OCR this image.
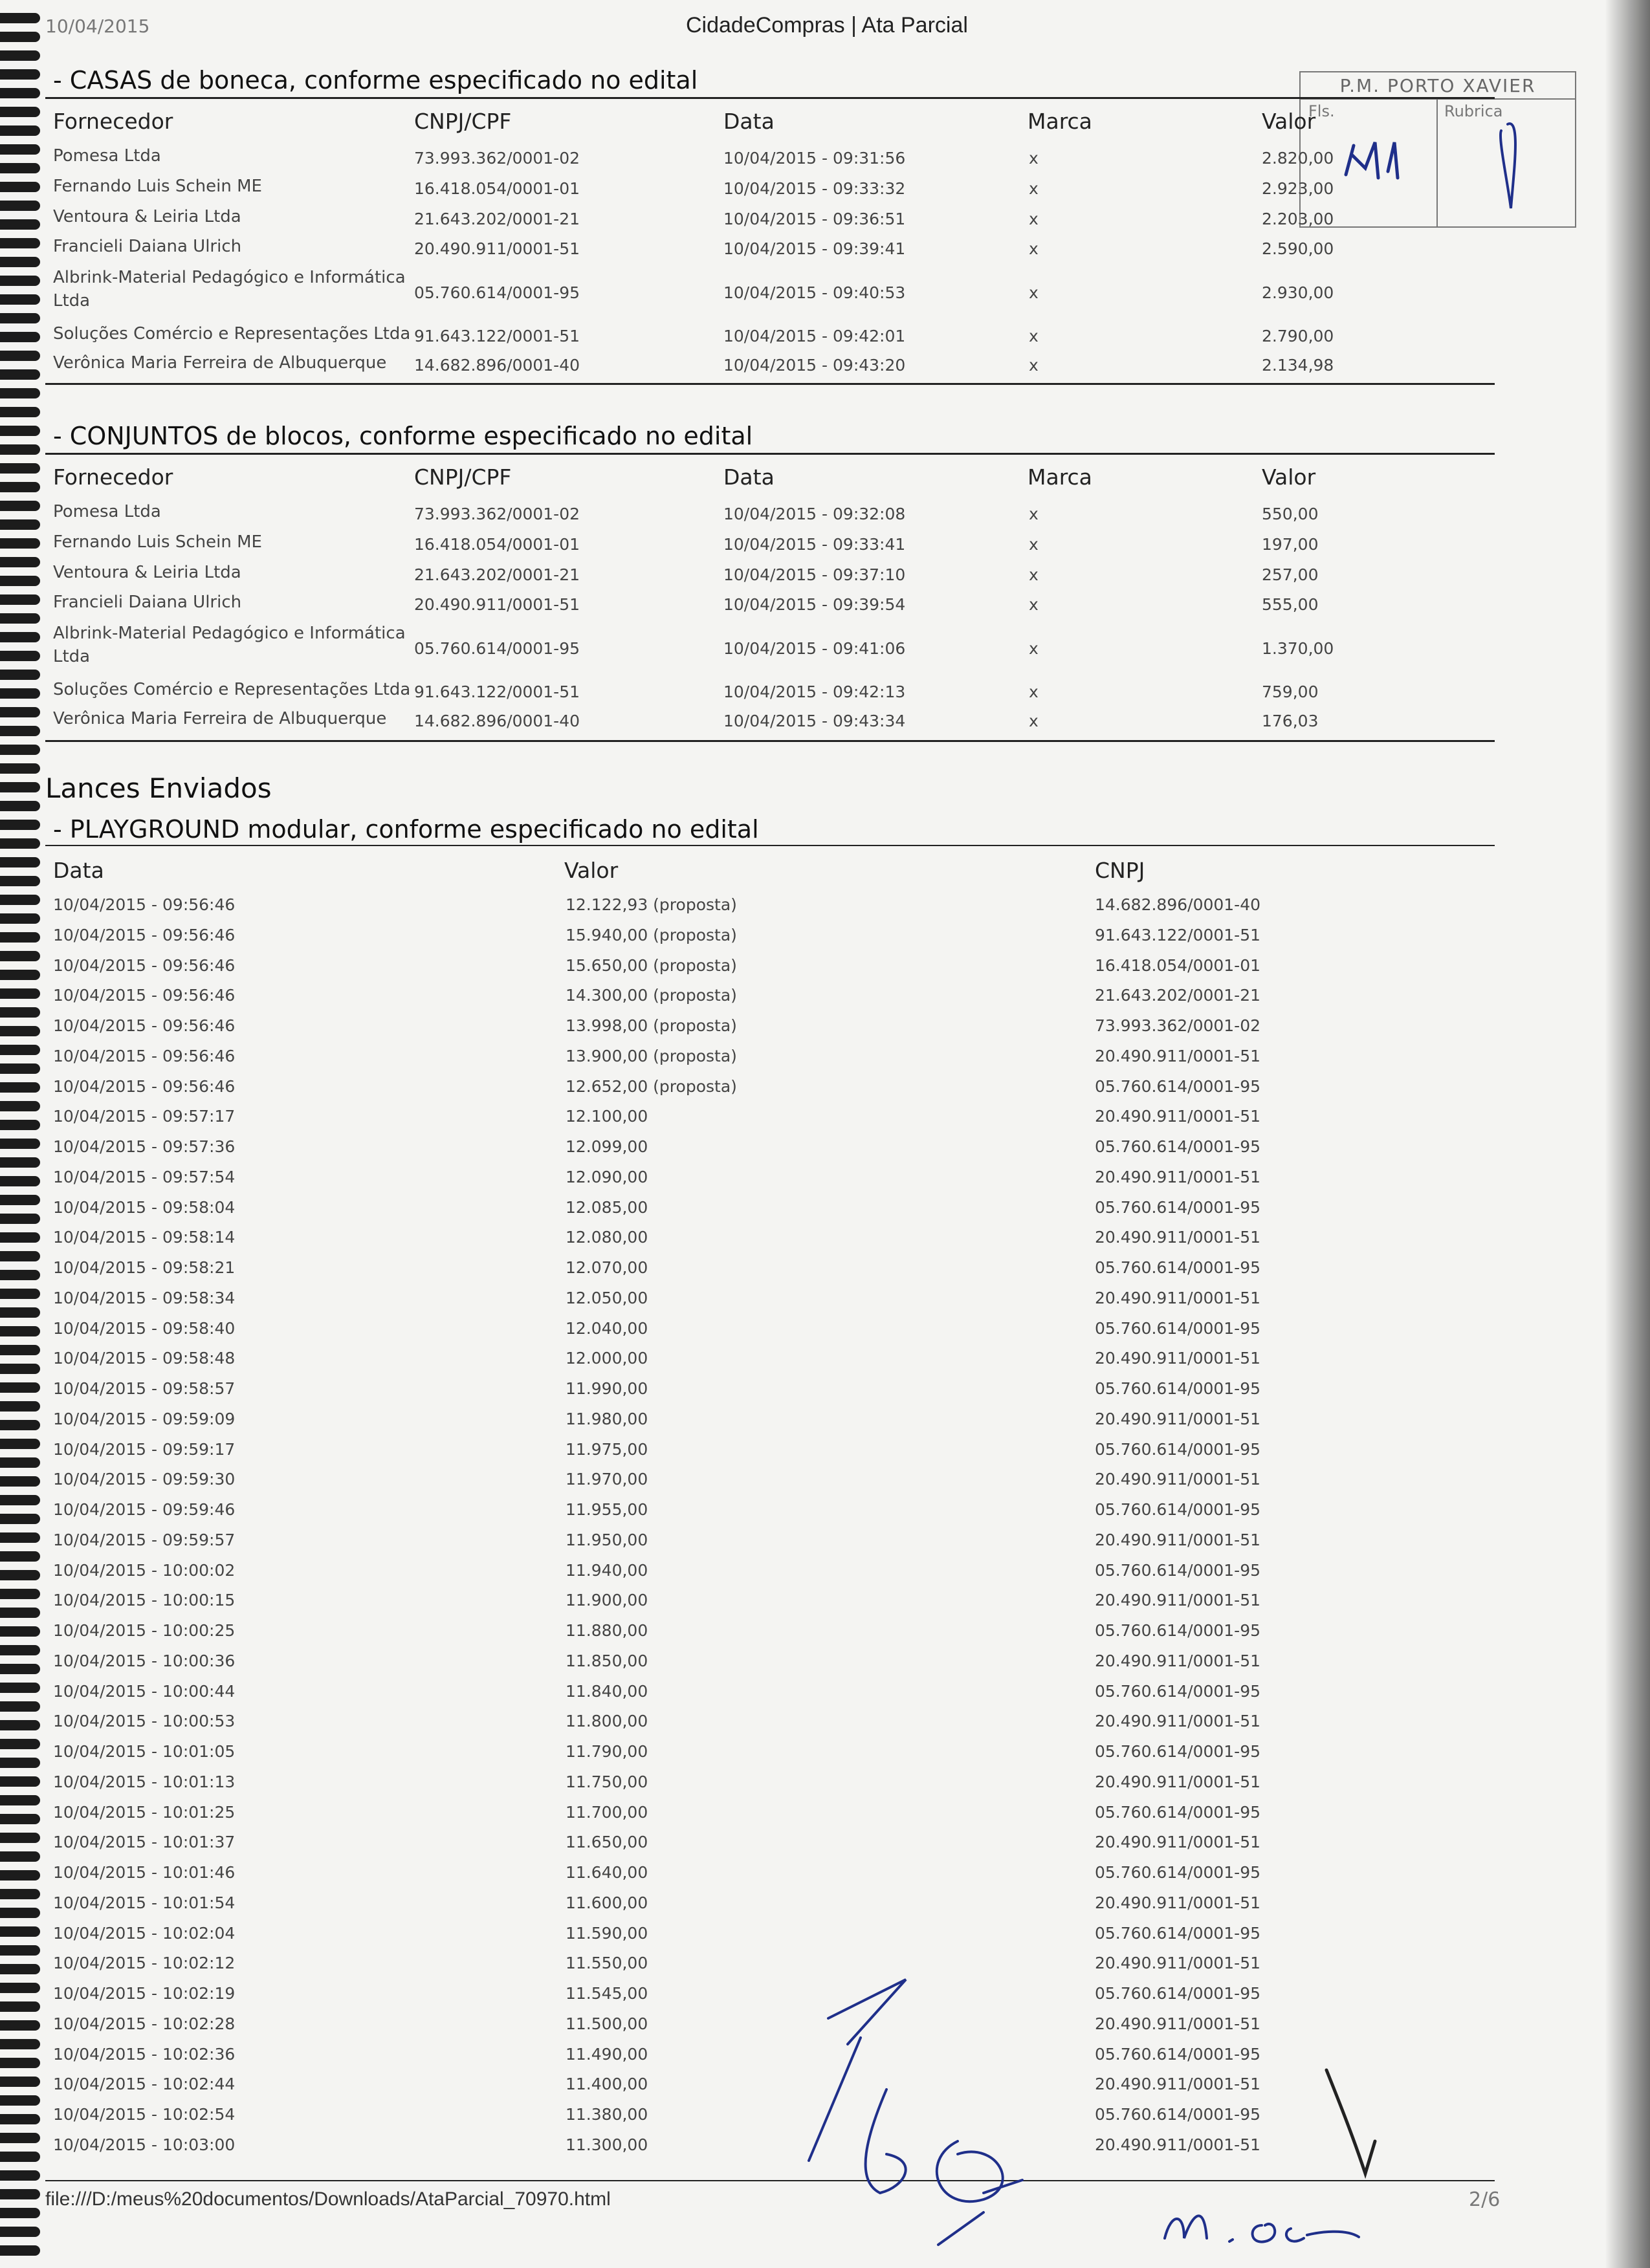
10/04/2015	CidadeCompras | Ata Parcial
P.M. PORTO XAVIER
Fls.	Rubrica
- CASAS de boneca, conforme especificado no edital
Fornecedor	CNPJ/CPF	Data	Marca	Valor
Pomesa Ltda	73.993.362/0001-02	10/04/2015 - 09:31:56	x	2.820,00
Fernando Luis Schein ME	16.418.054/0001-01	10/04/2015 - 09:33:32	x	2.923,00
Ventoura & Leiria Ltda	21.643.202/0001-21	10/04/2015 - 09:36:51	x	2.203,00
Francieli Daiana Ulrich	20.490.911/0001-51	10/04/2015 - 09:39:41	x	2.590,00
Albrink-Material Pedagógico e Informática
Ltda	05.760.614/0001-95	10/04/2015 - 09:40:53	x	2.930,00
Soluções Comércio e Representações Ltda 91.643.122/0001-51	10/04/2015 - 09:42:01	x	2.790,00
Verônica Maria Ferreira de Albuquerque 14.682.896/0001-40	10/04/2015 - 09:43:20	x	2.134,98
- CONJUNTOS de blocos, conforme especificado no edital
Fornecedor	CNPJ/CPF	Data	Marca	Valor
Pomesa Ltda	73.993.362/0001-02	10/04/2015 - 09:32:08	x	550,00
Fernando Luis Schein ME	16.418.054/0001-01	10/04/2015 - 09:33:41	x	197,00
Ventoura & Leiria Ltda	21.643.202/0001-21	10/04/2015 - 09:37:10	x	257,00
Francieli Daiana Ulrich	20.490.911/0001-51	10/04/2015 - 09:39:54	x	555,00
Albrink-Material Pedagógico e Informática
Ltda	05.760.614/0001-95	10/04/2015 - 09:41:06	x	1.370,00
Soluções Comércio e Representações Ltda 91.643.122/0001-51	10/04/2015 - 09:42:13	x	759,00
Verônica Maria Ferreira de Albuquerque 14.682.896/0001-40	10/04/2015 - 09:43:34	x	176,03
Lances Enviados
- PLAYGROUND modular, conforme especificado no edital
Data	Valor	CNPJ
10/04/2015 - 09:56:46	12.122,93 (proposta)	14.682.896/0001-40
10/04/2015 - 09:56:46	15.940,00 (proposta)	91.643.122/0001-51
10/04/2015 - 09:56:46	15.650,00 (proposta)	16.418.054/0001-01
10/04/2015 - 09:56:46	14.300,00 (proposta)	21.643.202/0001-21
10/04/2015 - 09:56:46	13.998,00 (proposta)	73.993.362/0001-02
10/04/2015 - 09:56:46	13.900,00 (proposta)	20.490.911/0001-51
10/04/2015 - 09:56:46	12.652,00 (proposta)	05.760.614/0001-95
10/04/2015 - 09:57:17	12.100,00	20.490.911/0001-51
10/04/2015 - 09:57:36	12.099,00	05.760.614/0001-95
10/04/2015 - 09:57:54	12.090,00	20.490.911/0001-51
10/04/2015 - 09:58:04	12.085,00	05.760.614/0001-95
10/04/2015 - 09:58:14	12.080,00	20.490.911/0001-51
10/04/2015 - 09:58:21	12.070,00	05.760.614/0001-95
10/04/2015 - 09:58:34	12.050,00	20.490.911/0001-51
10/04/2015 - 09:58:40	12.040,00	05.760.614/0001-95
10/04/2015 - 09:58:48	12.000,00	20.490.911/0001-51
10/04/2015 - 09:58:57	11.990,00	05.760.614/0001-95
10/04/2015 - 09:59:09	11.980,00	20.490.911/0001-51
10/04/2015 - 09:59:17	11.975,00	05.760.614/0001-95
10/04/2015 - 09:59:30	11.970,00	20.490.911/0001-51
10/04/2015 - 09:59:46	11.955,00	05.760.614/0001-95
10/04/2015 - 09:59:57	11.950,00	20.490.911/0001-51
10/04/2015 - 10:00:02	11.940,00	05.760.614/0001-95
10/04/2015 - 10:00:15	11.900,00	20.490.911/0001-51
10/04/2015 - 10:00:25	11.880,00	05.760.614/0001-95
10/04/2015 - 10:00:36	11.850,00	20.490.911/0001-51
10/04/2015 - 10:00:44	11.840,00	05.760.614/0001-95
10/04/2015 - 10:00:53	11.800,00	20.490.911/0001-51
10/04/2015 - 10:01:05	11.790,00	05.760.614/0001-95
10/04/2015 - 10:01:13	11.750,00	20.490.911/0001-51
10/04/2015 - 10:01:25	11.700,00	05.760.614/0001-95
10/04/2015 - 10:01:37	11.650,00	20.490.911/0001-51
10/04/2015 - 10:01:46	11.640,00	05.760.614/0001-95
10/04/2015 - 10:01:54	11.600,00	20.490.911/0001-51
10/04/2015 - 10:02:04	11.590,00	05.760.614/0001-95
10/04/2015 - 10:02:12	11.550,00	20.490.911/0001-51
10/04/2015 - 10:02:19	11.545,00	05.760.614/0001-95
10/04/2015 - 10:02:28	11.500,00	20.490.911/0001-51
10/04/2015 - 10:02:36	11.490,00	05.760.614/0001-95
10/04/2015 - 10:02:44	11.400,00	20.490.911/0001-51
10/04/2015 - 10:02:54	11.380,00	05.760.614/0001-95
10/04/2015 - 10:03:00	11.300,00	20.490.911/0001-51
file:///D:/meus%20documentos/Downloads/AtaParcial_70970.html	2/6
